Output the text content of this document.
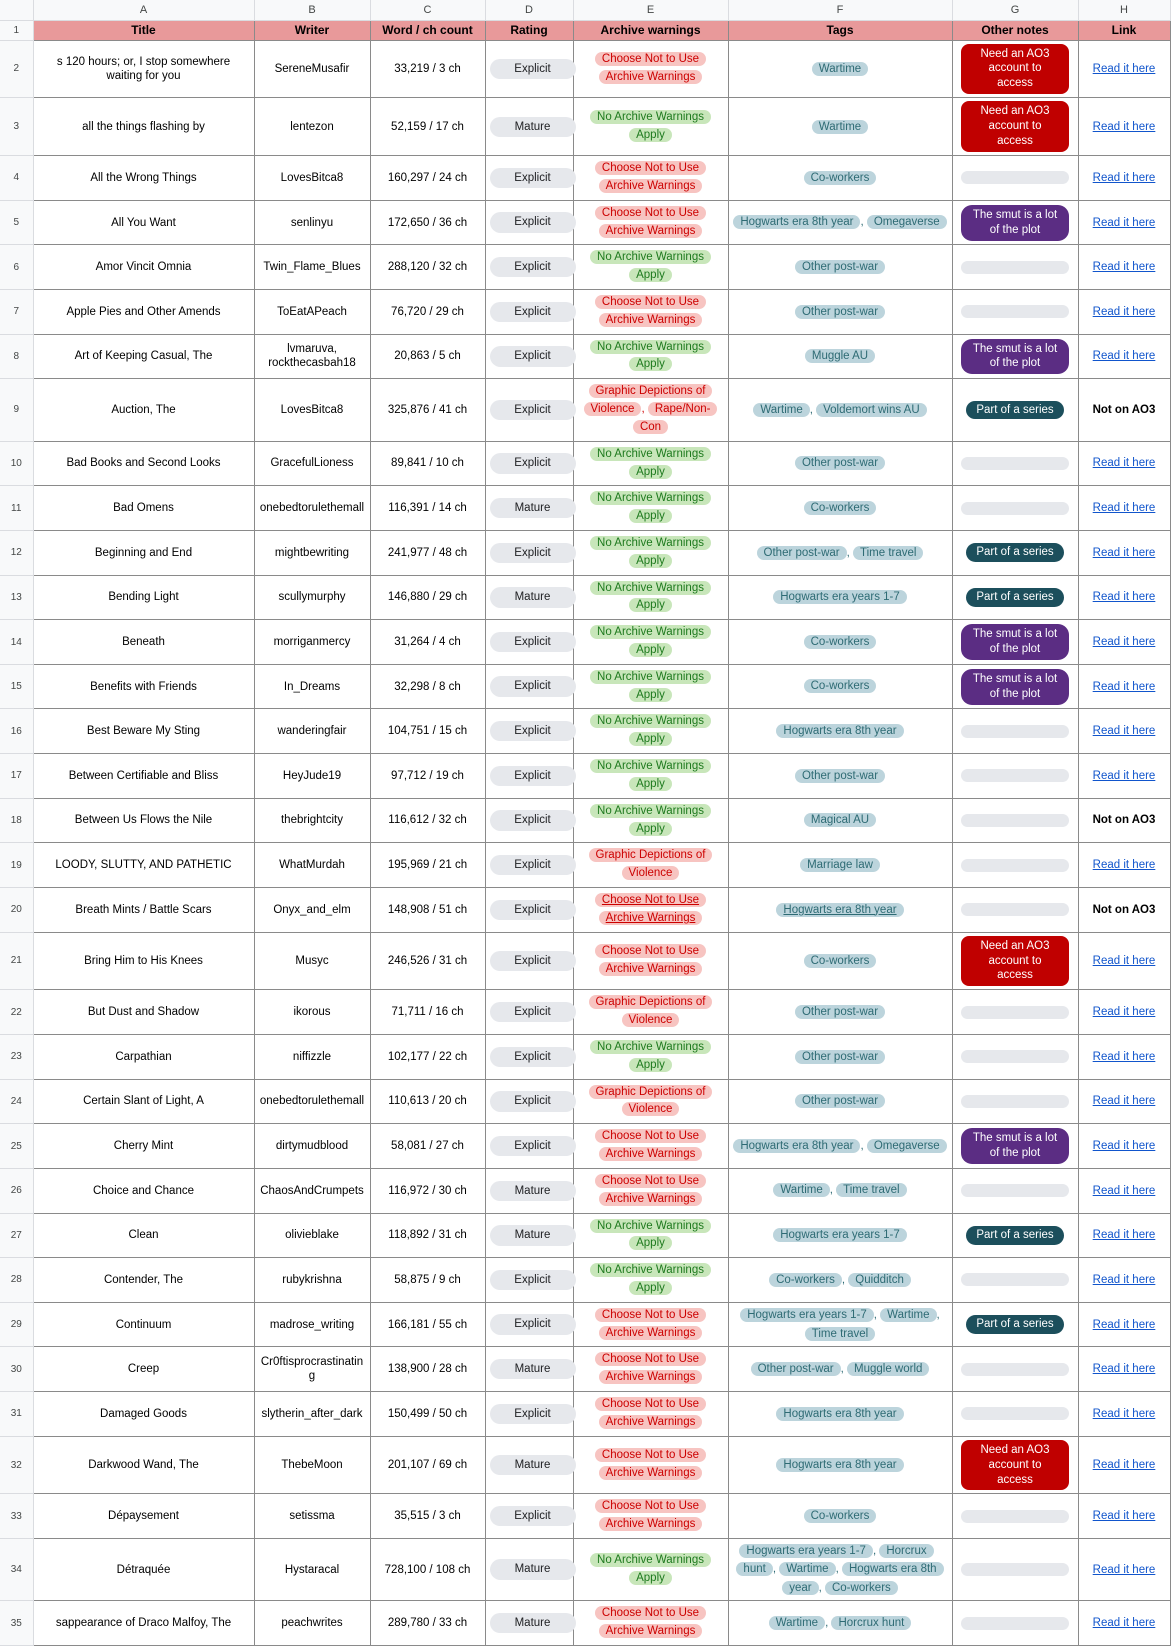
	A	B	C	D	E	F	G	H
1	Title	Writer	Word / ch count	Rating	Archive warnings	Tags	Other notes	Link
2	s 120 hours; or, I stop somewhere waiting for you	SereneMusafir	33,219 / 3 ch	Explicit	Choose Not to Use Archive Warnings	Wartime	Need an AO3 account to access	Read it here
3	all the things flashing by	lentezon	52,159 / 17 ch	Mature	No Archive Warnings Apply	Wartime	Need an AO3 account to access	Read it here
4	All the Wrong Things	LovesBitca8	160,297 / 24 ch	Explicit	Choose Not to Use Archive Warnings	Co-workers		Read it here
5	All You Want	senlinyu	172,650 / 36 ch	Explicit	Choose Not to Use Archive Warnings	Hogwarts era 8th year , Omegaverse	The smut is a lot of the plot	Read it here
6	Amor Vincit Omnia	Twin_Flame_Blues	288,120 / 32 ch	Explicit	No Archive Warnings Apply	Other post-war		Read it here
7	Apple Pies and Other Amends	ToEatAPeach	76,720 / 29 ch	Explicit	Choose Not to Use Archive Warnings	Other post-war		Read it here
8	Art of Keeping Casual, The	lvmaruva, rockthecasbah18	20,863 / 5 ch	Explicit	No Archive Warnings Apply	Muggle AU	The smut is a lot of the plot	Read it here
9	Auction, The	LovesBitca8	325,876 / 41 ch	Explicit	Graphic Depictions of Violence , Rape/Non-Con	Wartime , Voldemort wins AU	Part of a series	Not on AO3
10	Bad Books and Second Looks	GracefulLioness	89,841 / 10 ch	Explicit	No Archive Warnings Apply	Other post-war		Read it here
11	Bad Omens	onebedtorulethemall	116,391 / 14 ch	Mature	No Archive Warnings Apply	Co-workers		Read it here
12	Beginning and End	mightbewriting	241,977 / 48 ch	Explicit	No Archive Warnings Apply	Other post-war , Time travel	Part of a series	Read it here
13	Bending Light	scullymurphy	146,880 / 29 ch	Mature	No Archive Warnings Apply	Hogwarts era years 1-7	Part of a series	Read it here
14	Beneath	morriganmercy	31,264 / 4 ch	Explicit	No Archive Warnings Apply	Co-workers	The smut is a lot of the plot	Read it here
15	Benefits with Friends	In_Dreams	32,298 / 8 ch	Explicit	No Archive Warnings Apply	Co-workers	The smut is a lot of the plot	Read it here
16	Best Beware My Sting	wanderingfair	104,751 / 15 ch	Explicit	No Archive Warnings Apply	Hogwarts era 8th year		Read it here
17	Between Certifiable and Bliss	HeyJude19	97,712 / 19 ch	Explicit	No Archive Warnings Apply	Other post-war		Read it here
18	Between Us Flows the Nile	thebrightcity	116,612 / 32 ch	Explicit	No Archive Warnings Apply	Magical AU		Not on AO3
19	LOODY, SLUTTY, AND PATHETIC	WhatMurdah	195,969 / 21 ch	Explicit	Graphic Depictions of Violence	Marriage law		Read it here
20	Breath Mints / Battle Scars	Onyx_and_elm	148,908 / 51 ch	Explicit	Choose Not to Use Archive Warnings	Hogwarts era 8th year		Not on AO3
21	Bring Him to His Knees	Musyc	246,526 / 31 ch	Explicit	Choose Not to Use Archive Warnings	Co-workers	Need an AO3 account to access	Read it here
22	But Dust and Shadow	ikorous	71,711 / 16 ch	Explicit	Graphic Depictions of Violence	Other post-war		Read it here
23	Carpathian	niffizzle	102,177 / 22 ch	Explicit	No Archive Warnings Apply	Other post-war		Read it here
24	Certain Slant of Light, A	onebedtorulethemall	110,613 / 20 ch	Explicit	Graphic Depictions of Violence	Other post-war		Read it here
25	Cherry Mint	dirtymudblood	58,081 / 27 ch	Explicit	Choose Not to Use Archive Warnings	Hogwarts era 8th year , Omegaverse	The smut is a lot of the plot	Read it here
26	Choice and Chance	ChaosAndCrumpets	116,972 / 30 ch	Mature	Choose Not to Use Archive Warnings	Wartime , Time travel		Read it here
27	Clean	olivieblake	118,892 / 31 ch	Mature	No Archive Warnings Apply	Hogwarts era years 1-7	Part of a series	Read it here
28	Contender, The	rubykrishna	58,875 / 9 ch	Explicit	No Archive Warnings Apply	Co-workers , Quidditch		Read it here
29	Continuum	madrose_writing	166,181 / 55 ch	Explicit	Choose Not to Use Archive Warnings	Hogwarts era years 1-7 , Wartime , Time travel	Part of a series	Read it here
30	Creep	Cr0ftisprocrastinating	138,900 / 28 ch	Mature	Choose Not to Use Archive Warnings	Other post-war , Muggle world		Read it here
31	Damaged Goods	slytherin_after_dark	150,499 / 50 ch	Explicit	Choose Not to Use Archive Warnings	Hogwarts era 8th year		Read it here
32	Darkwood Wand, The	ThebeMoon	201,107 / 69 ch	Mature	Choose Not to Use Archive Warnings	Hogwarts era 8th year	Need an AO3 account to access	Read it here
33	Dépaysement	setissma	35,515 / 3 ch	Explicit	Choose Not to Use Archive Warnings	Co-workers		Read it here
34	Détraquée	Hystaracal	728,100 / 108 ch	Mature	No Archive Warnings Apply	Hogwarts era years 1-7 , Horcrux hunt , Wartime , Hogwarts era 8th year , Co-workers		Read it here
35	sappearance of Draco Malfoy, The	peachwrites	289,780 / 33 ch	Mature	Choose Not to Use Archive Warnings	Wartime , Horcrux hunt		Read it here
